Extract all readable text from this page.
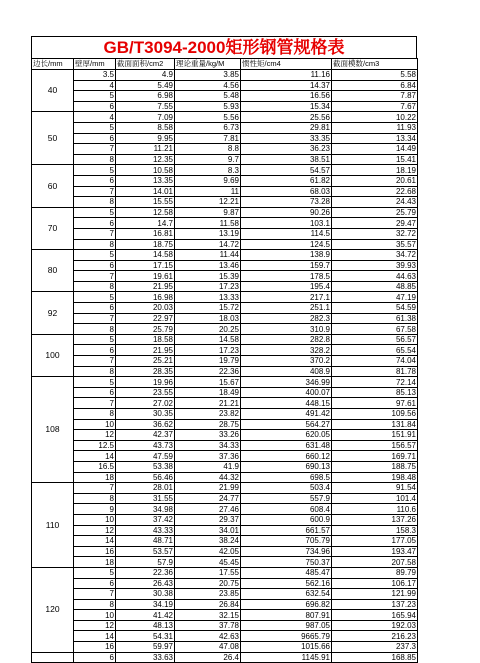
GB/T3094-2000矩形钢管规格表
边长/mm	壁厚/mm	截面面积/cm2	理论重量/kg/M	惯性矩/cm4	截面模数/cm3
40	3.5	4.9	3.85	11.16	5.58
	4	5.49	4.56	14.37	6.84
	5	6.98	5.48	16.56	7.87
	6	7.55	5.93	15.34	7.67
50	4	7.09	5.56	25.56	10.22
	5	8.58	6.73	29.81	11.93
	6	9.95	7.81	33.35	13.34
	7	11.21	8.8	36.23	14.49
	8	12.35	9.7	38.51	15.41
60	5	10.58	8.3	54.57	18.19
	6	13.35	9.69	61.82	20.61
	7	14.01	11	68.03	22.68
	8	15.55	12.21	73.28	24.43
70	5	12.58	9.87	90.26	25.79
	6	14.7	11.58	103.1	29.47
	7	16.81	13.19	114.5	32.72
	8	18.75	14.72	124.5	35.57
80	5	14.58	11.44	138.9	34.72
	6	17.15	13.46	159.7	39.93
	7	19.61	15.39	178.5	44.63
	8	21.95	17.23	195.4	48.85
92	5	16.98	13.33	217.1	47.19
	6	20.03	15.72	251.1	54.59
	7	22.97	18.03	282.3	61.38
	8	25.79	20.25	310.9	67.58
100	5	18.58	14.58	282.8	56.57
	6	21.95	17.23	328.2	65.54
	7	25.21	19.79	370.2	74.04
	8	28.35	22.36	408.9	81.78
108	5	19.96	15.67	346.99	72.14
	6	23.55	18.49	400.07	85.13
	7	27.02	21.21	448.15	97.61
	8	30.35	23.82	491.42	109.56
	10	36.62	28.75	564.27	131.84
	12	42.37	33.26	620.05	151.91
	12.5	43.73	34.33	631.48	156.57
	14	47.59	37.36	660.12	169.71
	16.5	53.38	41.9	690.13	188.75
	18	56.46	44.32	698.5	198.48
110	7	28.01	21.99	503.4	91.54
	8	31.55	24.77	557.9	101.4
	9	34.98	27.46	608.4	110.6
	10	37.42	29.37	600.9	137.26
	12	43.33	34.01	661.57	158.3
	14	48.71	38.24	705.79	177.05
	16	53.57	42.05	734.96	193.47
	18	57.9	45.45	750.37	207.58
120	5	22.36	17.55	485.47	89.79
	6	26.43	20.75	562.16	106.17
	7	30.38	23.85	632.54	121.99
	8	34.19	26.84	696.82	137.23
	10	41.42	32.15	807.91	165.94
	12	48.13	37.78	987.05	192.03
	14	54.31	42.63	9665.79	216.23
	16	59.97	47.08	1015.66	237.3
	6	33.63	26.4	1145.91	168.85
